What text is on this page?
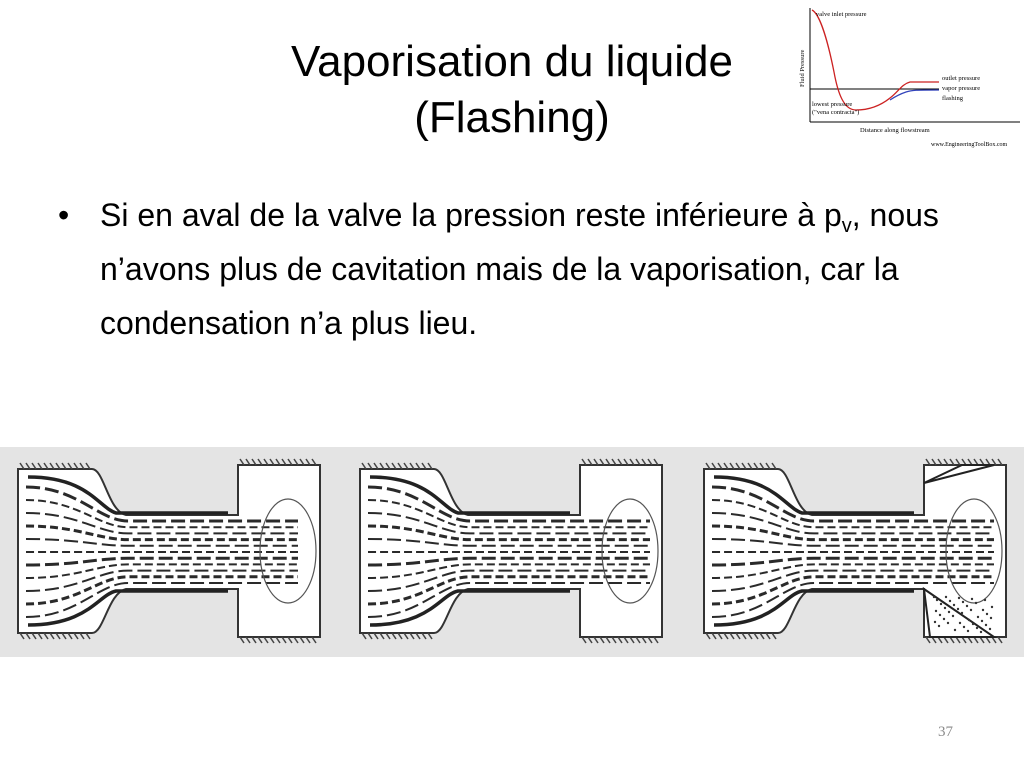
Vaporisation du liquide
(Flashing)
Fluid Pressure
valve inlet pressure
outlet pressure
vapor pressure
flashing
lowest pressure
("vena contracta")
Distance along flowstream
www.EngineeringToolBox.com
• Si en aval de la valve la pression reste inférieure à $p_v$, nous n’avons plus de cavitation mais de la vaporisation, car la condensation n’a plus lieu.
37
